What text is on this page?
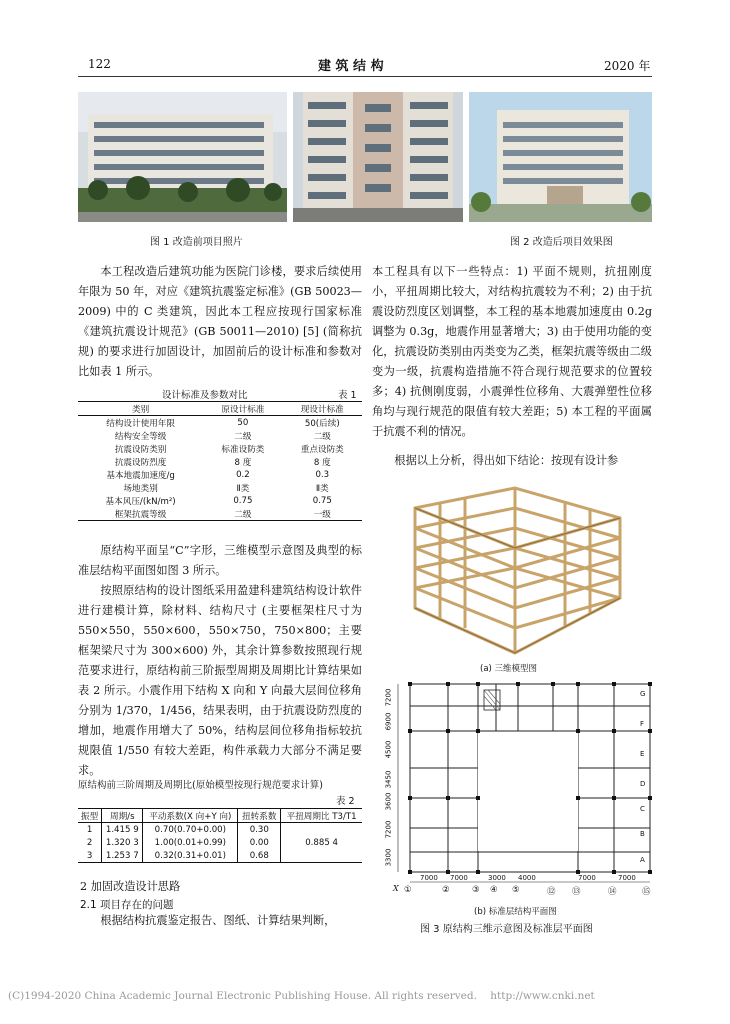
122	建 筑 结 构	2020 年
图 1 改造前项目照片	图 2 改造后项目效果图

本工程改造后建筑功能为医院门诊楼，要求后续使用年限为 50 年，对应《建筑抗震鉴定标准》(GB 50023—2009) 中的 C 类建筑，因此本工程应按现行国家标准《建筑抗震设计规范》(GB 50011—2010) [5] (简称抗规) 的要求进行加固设计，加固前后的设计标准和参数对比如表 1 所示。

设计标准及参数对比	表 1
类别	原设计标准	现设计标准
结构设计使用年限	50	50(后续)
结构安全等级	二级	二级
抗震设防类别	标准设防类	重点设防类
抗震设防烈度	8 度	8 度
基本地震加速度/g	0.2	0.3
场地类别	Ⅱ类	Ⅱ类
基本风压/(kN/m²)	0.75	0.75
框架抗震等级	二级	一级

原结构平面呈“C”字形，三维模型示意图及典型的标准层结构平面图如图 3 所示。

按照原结构的设计图纸采用盈建科建筑结构设计软件进行建模计算，除材料、结构尺寸 (主要框架柱尺寸为 550×550，550×600，550×750，750×800；主要框架梁尺寸为 300×600) 外，其余计算参数按照现行规范要求进行，原结构前三阶振型周期及周期比计算结果如表 2 所示。小震作用下结构 X 向和 Y 向最大层间位移角分别为 1/370，1/456，结果表明，由于抗震设防烈度的增加，地震作用增大了 50%，结构层间位移角指标较抗规限值 1/550 有较大差距，构件承载力大部分不满足要求。

原结构前三阶周期及周期比(原始模型按现行规范要求计算)
表 2
振型	周期/s	平动系数(X 向+Y 向)	扭转系数	平扭周期比 T3/T1
1	1.415 9	0.70(0.70+0.00)	0.30	0.885 4
2	1.320 3	1.00(0.01+0.99)	0.00	
3	1.253 7	0.32(0.31+0.01)	0.68	
2 加固改造设计思路
2.1 项目存在的问题

根据结构抗震鉴定报告、图纸、计算结果判断，

本工程具有以下一些特点：1) 平面不规则，抗扭刚度小，平扭周期比较大，对结构抗震较为不利；2) 由于抗震设防烈度区划调整，本工程的基本地震加速度由 0.2g 调整为 0.3g，地震作用显著增大；3) 由于使用功能的变化，抗震设防类别由丙类变为乙类，框架抗震等级由二级变为一级，抗震构造措施不符合现行规范要求的位置较多；4) 抗侧刚度弱，小震弹性位移角、大震弹塑性位移角均与现行规范的限值有较大差距；5) 本工程的平面属于抗震不利的情况。

根据以上分析，得出如下结论：按现有设计参

(a) 三维模型图
7200
6900
4500
3450
3600
7200
3300
7000 7000	3000 4000	7000	7000
①	②	③ ④ ⑤	⑫ ⑬	⑭	⑮
X
G
F
E
D
C
B
A
(b) 标准层结构平面图
图 3 原结构三维示意图及标准层平面图
(C)1994-2020 China Academic Journal Electronic Publishing House. All rights reserved.    http://www.cnki.net
